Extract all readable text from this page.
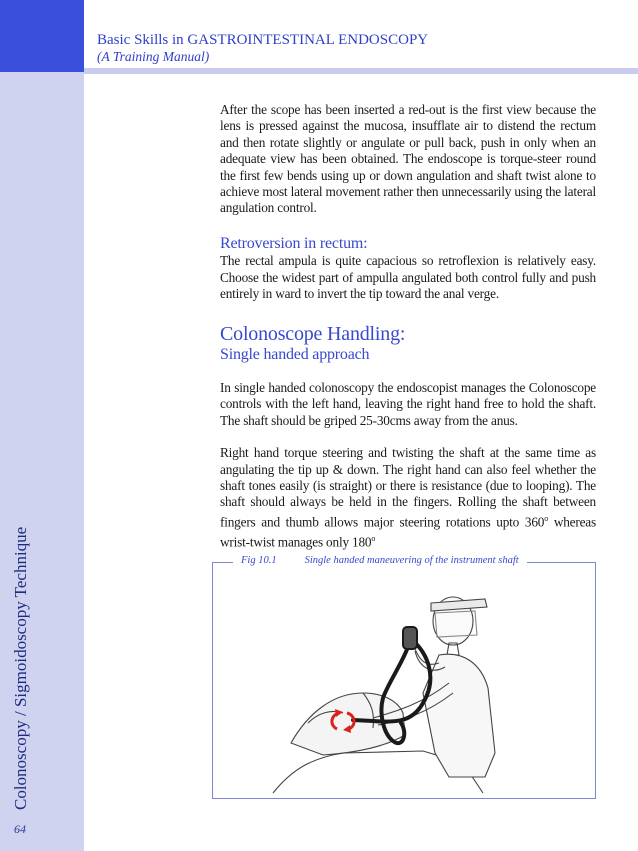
Basic Skills in GASTROINTESTINAL ENDOSCOPY
(A Training Manual)
Colonoscopy / Sigmoidoscopy Technique
64

After the scope has been inserted a red-out is the first view because the lens is pressed against the mucosa, insufflate air to distend the rectum and then rotate slightly or angulate or pull back, push in only when an adequate view has been obtained. The endoscope is torque-steer round the first few bends using up or down angulation and shaft twist alone to achieve most lateral movement rather then unnecessarily using the lateral angulation control.

Retroversion in rectum:

The rectal ampula is quite capacious so retroflexion is relatively easy. Choose the widest part of ampulla angulated both control fully and push entirely in ward to invert the tip toward the anal verge.

Colonoscope Handling:
Single handed approach

In single handed colonoscopy the endoscopist manages the Colonoscope controls with the left hand, leaving the right hand free to hold the shaft. The shaft should be griped 25-30cms away from the anus.

Right hand torque steering and twisting the shaft at the same time as angulating the tip up & down. The right hand can also feel whether the shaft tones easily (is straight) or there is resistance (due to looping). The shaft should always be held in the fingers. Rolling the shaft between fingers and thumb allows major steering rotations upto 360$^o$ whereas wrist-twist manages only 180$^o$

Fig 10.1	Single handed maneuvering of the instrument shaft
